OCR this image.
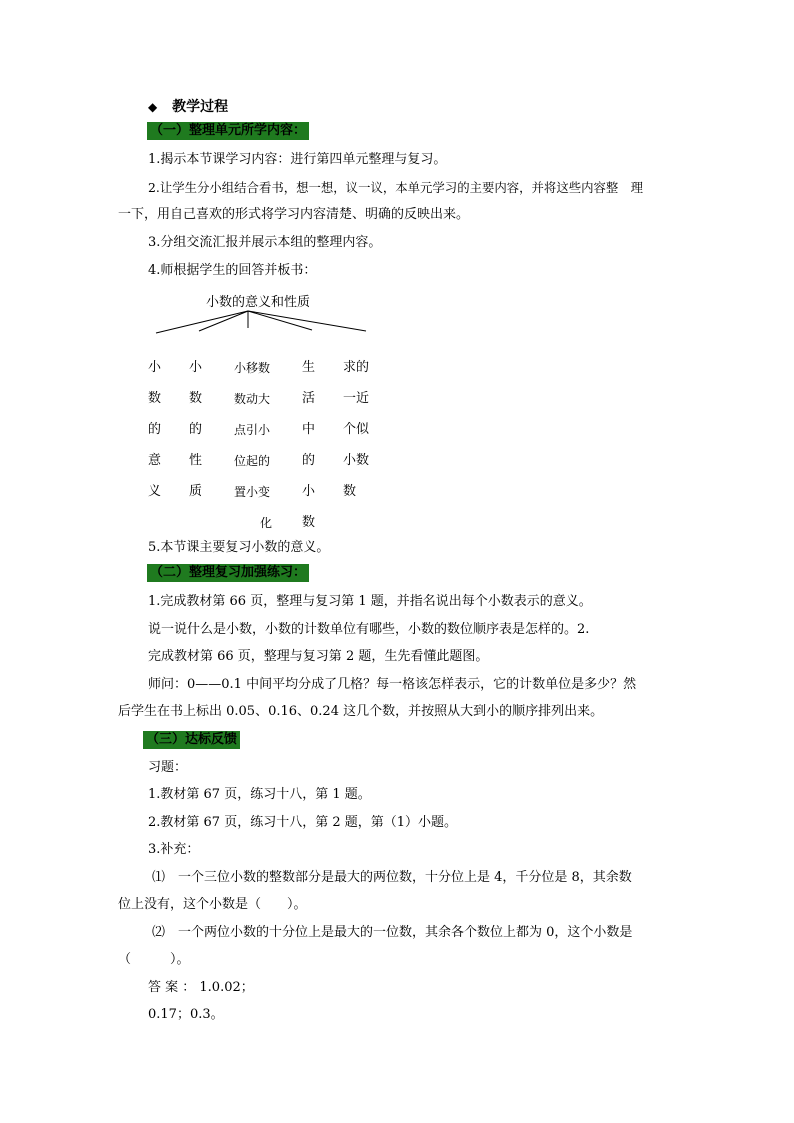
◆ 教学过程
（一）整理单元所学内容：
1.揭示本节课学习内容：进行第四单元整理与复习。
2.让学生分小组结合看书，想一想，议一议，本单元学习的主要内容，并将这些内容整　理
一下，用自己喜欢的形式将学习内容清楚、明确的反映出来。
3.分组交流汇报并展示本组的整理内容。
4.师根据学生的回答并板书：
小数的意义和性质
小
数
的
意
义
小
数
的
性
质
小移数
数动大
点引小
位起的
置小变
化
生
活
中
的
小
数
求的
一近
个似
小数
数
5.本节课主要复习小数的意义。
（二）整理复习加强练习：
1.完成教材第 66 页，整理与复习第 1 题，并指名说出每个小数表示的意义。
说一说什么是小数，小数的计数单位有哪些，小数的数位顺序表是怎样的。2.
完成教材第 66 页，整理与复习第 2 题，生先看懂此题图。
师问：0——0.1 中间平均分成了几格？每一格该怎样表示，它的计数单位是多少？然
后学生在书上标出 0.05、0.16、0.24 这几个数，并按照从大到小的顺序排列出来。
（三）达标反馈
习题：
1.教材第 67 页，练习十八，第 1 题。
2.教材第 67 页，练习十八，第 2 题，第（1）小题。
3.补充：
⑴　一个三位小数的整数部分是最大的两位数，十分位上是 4，千分位是 8，其余数
位上没有，这个小数是（　　）。
⑵　一个两位小数的十分位上是最大的一位数，其余各个数位上都为 0，这个小数是
（　　　）。
答 案 ： 1.0.02；
0.17；0.3。
